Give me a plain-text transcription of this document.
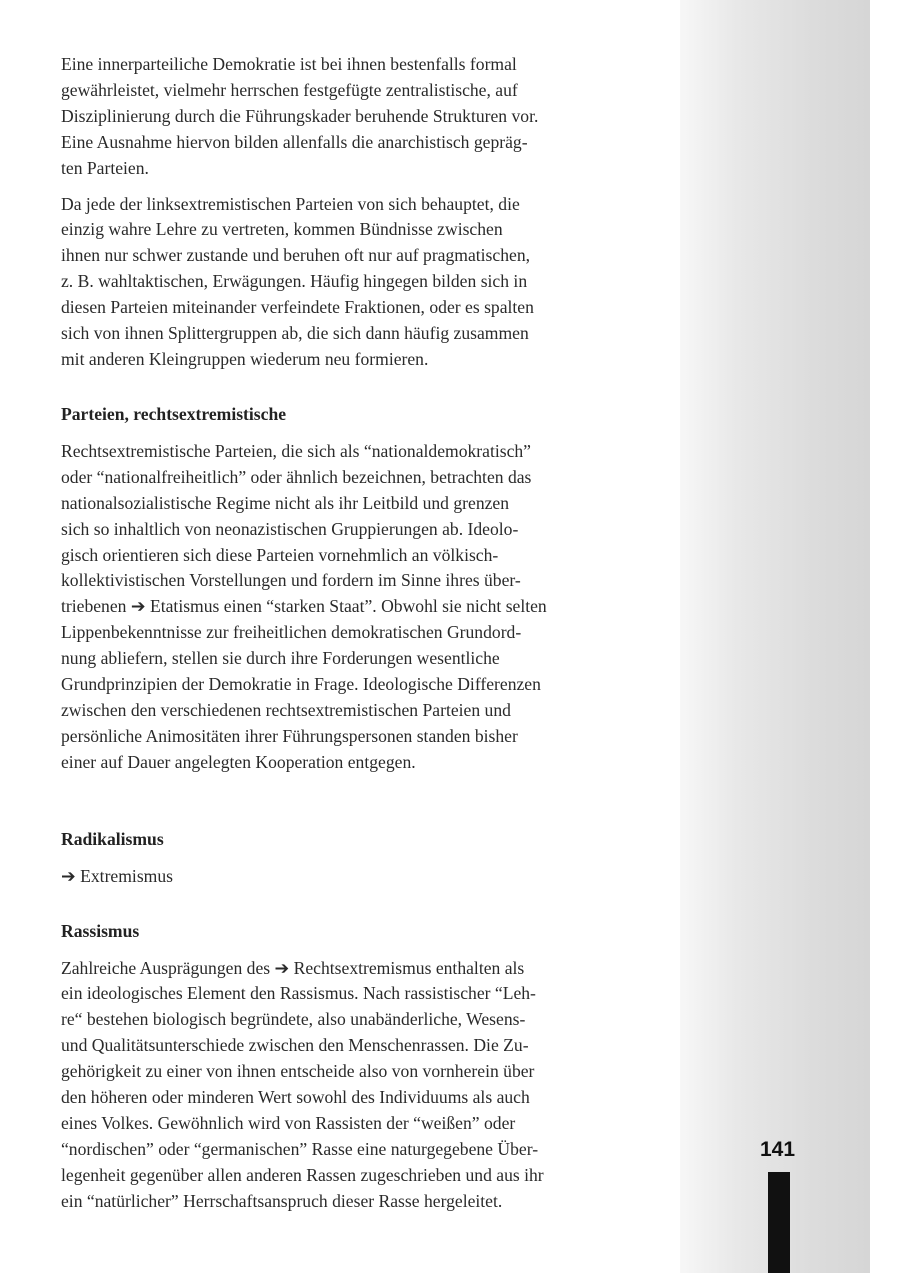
Eine innerparteiliche Demokratie ist bei ihnen bestenfalls formal
gewährleistet, vielmehr herrschen festgefügte zentralistische, auf
Disziplinierung durch die Führungskader beruhende Strukturen vor.
Eine Ausnahme hiervon bilden allenfalls die anarchistisch gepräg-
ten Parteien.
Da jede der linksextremistischen Parteien von sich behauptet, die
einzig wahre Lehre zu vertreten, kommen Bündnisse zwischen
ihnen nur schwer zustande und beruhen oft nur auf pragmatischen,
z. B. wahltaktischen, Erwägungen. Häufig hingegen bilden sich in
diesen Parteien miteinander verfeindete Fraktionen, oder es spalten
sich von ihnen Splittergruppen ab, die sich dann häufig zusammen
mit anderen Kleingruppen wiederum neu formieren.
Parteien, rechtsextremistische
Rechtsextremistische Parteien, die sich als “nationaldemokratisch”
oder “nationalfreiheitlich” oder ähnlich bezeichnen, betrachten das
nationalsozialistische Regime nicht als ihr Leitbild und grenzen
sich so inhaltlich von neonazistischen Gruppierungen ab. Ideolo-
gisch orientieren sich diese Parteien vornehmlich an völkisch-
kollektivistischen Vorstellungen und fordern im Sinne ihres über-
triebenen ➔ Etatismus einen “starken Staat”. Obwohl sie nicht selten
Lippenbekenntnisse zur freiheitlichen demokratischen Grundord-
nung abliefern, stellen sie durch ihre Forderungen wesentliche
Grundprinzipien der Demokratie in Frage. Ideologische Differenzen
zwischen den verschiedenen rechtsextremistischen Parteien und
persönliche Animositäten ihrer Führungspersonen standen bisher
einer auf Dauer angelegten Kooperation entgegen.
Radikalismus
➔ Extremismus
Rassismus
Zahlreiche Ausprägungen des ➔ Rechtsextremismus enthalten als
ein ideologisches Element den Rassismus. Nach rassistischer “Leh-
re“ bestehen biologisch begründete, also unabänderliche, Wesens-
und Qualitätsunterschiede zwischen den Menschenrassen. Die Zu-
gehörigkeit zu einer von ihnen entscheide also von vornherein über
den höheren oder minderen Wert sowohl des Individuums als auch
eines Volkes. Gewöhnlich wird von Rassisten der “weißen” oder
“nordischen” oder “germanischen” Rasse eine naturgegebene Über-
legenheit gegenüber allen anderen Rassen zugeschrieben und aus ihr
ein “natürlicher” Herrschaftsanspruch dieser Rasse hergeleitet.
141
